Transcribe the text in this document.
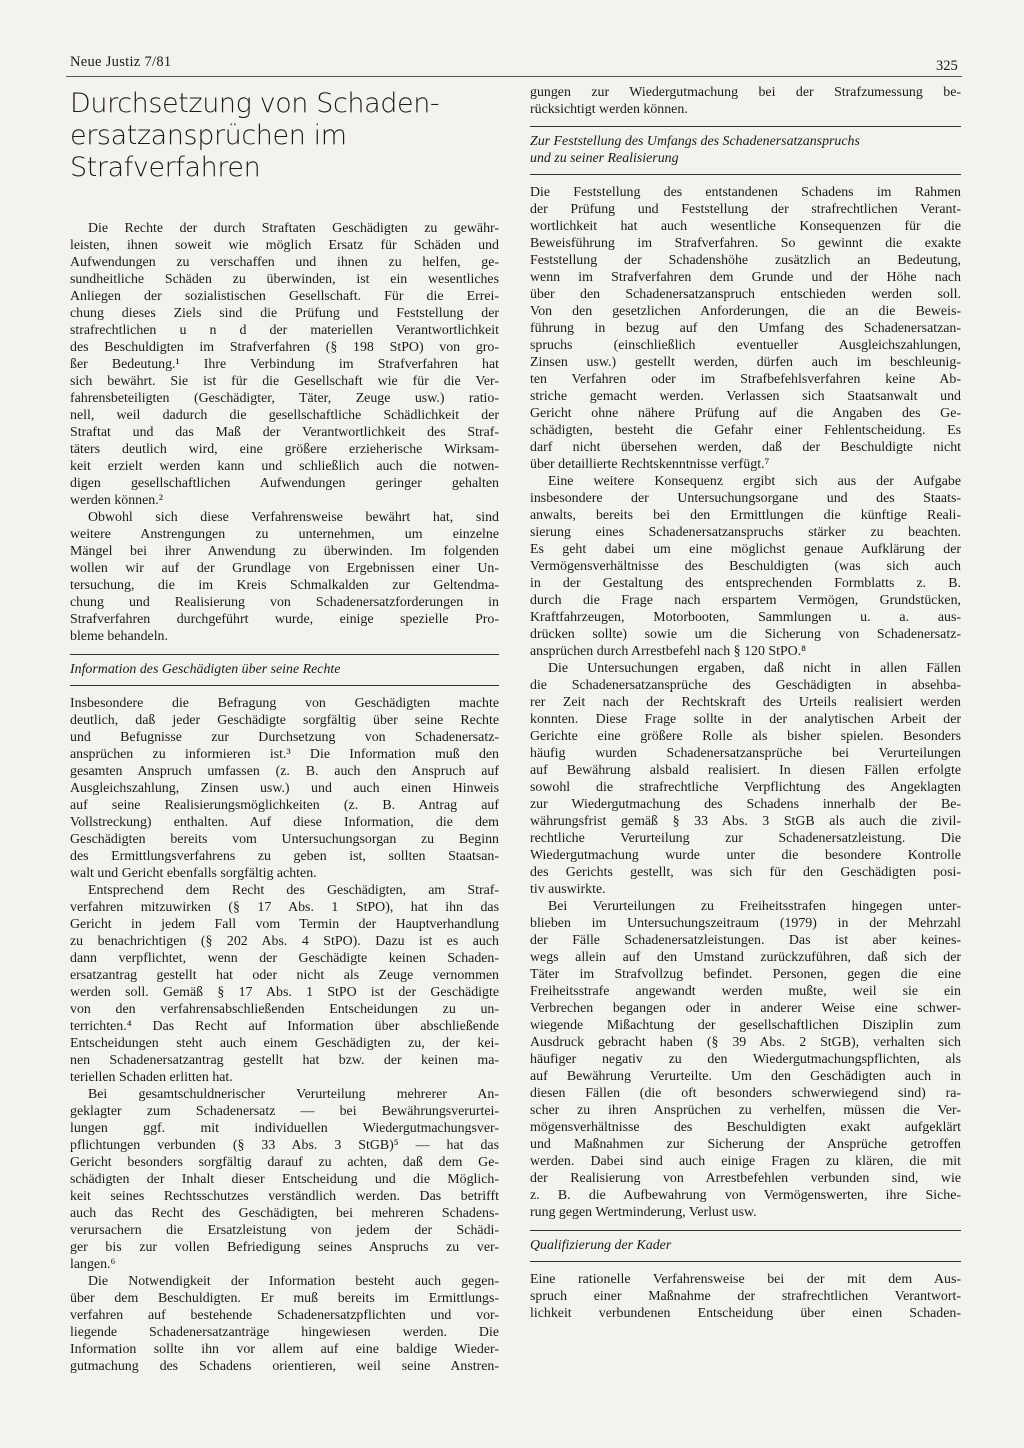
Neue Justiz 7/81	325
Durchsetzung von Schaden-
ersatzansprüchen im Strafverfahren
Die Rechte der durch Straftaten Geschädigten zu gewähr-
leisten, ihnen soweit wie möglich Ersatz für Schäden und
Aufwendungen zu verschaffen und ihnen zu helfen, ge-
sundheitliche Schäden zu überwinden, ist ein wesentliches
Anliegen der sozialistischen Gesellschaft. Für die Errei-
chung dieses Ziels sind die Prüfung und Feststellung der
strafrechtlichen u n d der materiellen Verantwortlichkeit
des Beschuldigten im Strafverfahren (§ 198 StPO) von gro-
ßer Bedeutung.¹ Ihre Verbindung im Strafverfahren hat
sich bewährt. Sie ist für die Gesellschaft wie für die Ver-
fahrensbeteiligten (Geschädigter, Täter, Zeuge usw.) ratio-
nell, weil dadurch die gesellschaftliche Schädlichkeit der
Straftat und das Maß der Verantwortlichkeit des Straf-
täters deutlich wird, eine größere erzieherische Wirksam-
keit erzielt werden kann und schließlich auch die notwen-
digen gesellschaftlichen Aufwendungen geringer gehalten
werden können.²
Obwohl sich diese Verfahrensweise bewährt hat, sind
weitere Anstrengungen zu unternehmen, um einzelne
Mängel bei ihrer Anwendung zu überwinden. Im folgenden
wollen wir auf der Grundlage von Ergebnissen einer Un-
tersuchung, die im Kreis Schmalkalden zur Geltendma-
chung und Realisierung von Schadenersatzforderungen in
Strafverfahren durchgeführt wurde, einige spezielle Pro-
bleme behandeln.
Information des Geschädigten über seine Rechte
Insbesondere die Befragung von Geschädigten machte
deutlich, daß jeder Geschädigte sorgfältig über seine Rechte
und Befugnisse zur Durchsetzung von Schadenersatz-
ansprüchen zu informieren ist.³ Die Information muß den
gesamten Anspruch umfassen (z. B. auch den Anspruch auf
Ausgleichszahlung, Zinsen usw.) und auch einen Hinweis
auf seine Realisierungsmöglichkeiten (z. B. Antrag auf
Vollstreckung) enthalten. Auf diese Information, die dem
Geschädigten bereits vom Untersuchungsorgan zu Beginn
des Ermittlungsverfahrens zu geben ist, sollten Staatsan-
walt und Gericht ebenfalls sorgfältig achten.
Entsprechend dem Recht des Geschädigten, am Straf-
verfahren mitzuwirken (§ 17 Abs. 1 StPO), hat ihn das
Gericht in jedem Fall vom Termin der Hauptverhandlung
zu benachrichtigen (§ 202 Abs. 4 StPO). Dazu ist es auch
dann verpflichtet, wenn der Geschädigte keinen Schaden-
ersatzantrag gestellt hat oder nicht als Zeuge vernommen
werden soll. Gemäß § 17 Abs. 1 StPO ist der Geschädigte
von den verfahrensabschließenden Entscheidungen zu un-
terrichten.⁴ Das Recht auf Information über abschließende
Entscheidungen steht auch einem Geschädigten zu, der kei-
nen Schadenersatzantrag gestellt hat bzw. der keinen ma-
teriellen Schaden erlitten hat.
Bei gesamtschuldnerischer Verurteilung mehrerer An-
geklagter zum Schadenersatz — bei Bewährungsverurtei-
lungen ggf. mit individuellen Wiedergutmachungsver-
pflichtungen verbunden (§ 33 Abs. 3 StGB)⁵ — hat das
Gericht besonders sorgfältig darauf zu achten, daß dem Ge-
schädigten der Inhalt dieser Entscheidung und die Möglich-
keit seines Rechtsschutzes verständlich werden. Das betrifft
auch das Recht des Geschädigten, bei mehreren Schadens-
verursachern die Ersatzleistung von jedem der Schädi-
ger bis zur vollen Befriedigung seines Anspruchs zu ver-
langen.⁶
Die Notwendigkeit der Information besteht auch gegen-
über dem Beschuldigten. Er muß bereits im Ermittlungs-
verfahren auf bestehende Schadenersatzpflichten und vor-
liegende Schadenersatzanträge hingewiesen werden. Die
Information sollte ihn vor allem auf eine baldige Wieder-
gutmachung des Schadens orientieren, weil seine Anstren-
gungen zur Wiedergutmachung bei der Strafzumessung be-
rücksichtigt werden können.
Zur Feststellung des Umfangs des Schadenersatzanspruchs
und zu seiner Realisierung
Die Feststellung des entstandenen Schadens im Rahmen
der Prüfung und Feststellung der strafrechtlichen Verant-
wortlichkeit hat auch wesentliche Konsequenzen für die
Beweisführung im Strafverfahren. So gewinnt die exakte
Feststellung der Schadenshöhe zusätzlich an Bedeutung,
wenn im Strafverfahren dem Grunde und der Höhe nach
über den Schadenersatzanspruch entschieden werden soll.
Von den gesetzlichen Anforderungen, die an die Beweis-
führung in bezug auf den Umfang des Schadenersatzan-
spruchs (einschließlich eventueller Ausgleichszahlungen,
Zinsen usw.) gestellt werden, dürfen auch im beschleunig-
ten Verfahren oder im Strafbefehlsverfahren keine Ab-
striche gemacht werden. Verlassen sich Staatsanwalt und
Gericht ohne nähere Prüfung auf die Angaben des Ge-
schädigten, besteht die Gefahr einer Fehlentscheidung. Es
darf nicht übersehen werden, daß der Beschuldigte nicht
über detaillierte Rechtskenntnisse verfügt.⁷
Eine weitere Konsequenz ergibt sich aus der Aufgabe
insbesondere der Untersuchungsorgane und des Staats-
anwalts, bereits bei den Ermittlungen die künftige Reali-
sierung eines Schadenersatzanspruchs stärker zu beachten.
Es geht dabei um eine möglichst genaue Aufklärung der
Vermögensverhältnisse des Beschuldigten (was sich auch
in der Gestaltung des entsprechenden Formblatts z. B.
durch die Frage nach erspartem Vermögen, Grundstücken,
Kraftfahrzeugen, Motorbooten, Sammlungen u. a. aus-
drücken sollte) sowie um die Sicherung von Schadenersatz-
ansprüchen durch Arrestbefehl nach § 120 StPO.⁸
Die Untersuchungen ergaben, daß nicht in allen Fällen
die Schadenersatzansprüche des Geschädigten in absehba-
rer Zeit nach der Rechtskraft des Urteils realisiert werden
konnten. Diese Frage sollte in der analytischen Arbeit der
Gerichte eine größere Rolle als bisher spielen. Besonders
häufig wurden Schadenersatzansprüche bei Verurteilungen
auf Bewährung alsbald realisiert. In diesen Fällen erfolgte
sowohl die strafrechtliche Verpflichtung des Angeklagten
zur Wiedergutmachung des Schadens innerhalb der Be-
währungsfrist gemäß § 33 Abs. 3 StGB als auch die zivil-
rechtliche Verurteilung zur Schadenersatzleistung. Die
Wiedergutmachung wurde unter die besondere Kontrolle
des Gerichts gestellt, was sich für den Geschädigten posi-
tiv auswirkte.
Bei Verurteilungen zu Freiheitsstrafen hingegen unter-
blieben im Untersuchungszeitraum (1979) in der Mehrzahl
der Fälle Schadenersatzleistungen. Das ist aber keines-
wegs allein auf den Umstand zurückzuführen, daß sich der
Täter im Strafvollzug befindet. Personen, gegen die eine
Freiheitsstrafe angewandt werden mußte, weil sie ein
Verbrechen begangen oder in anderer Weise eine schwer-
wiegende Mißachtung der gesellschaftlichen Disziplin zum
Ausdruck gebracht haben (§ 39 Abs. 2 StGB), verhalten sich
häufiger negativ zu den Wiedergutmachungspflichten, als
auf Bewährung Verurteilte. Um den Geschädigten auch in
diesen Fällen (die oft besonders schwerwiegend sind) ra-
scher zu ihren Ansprüchen zu verhelfen, müssen die Ver-
mögensverhältnisse des Beschuldigten exakt aufgeklärt
und Maßnahmen zur Sicherung der Ansprüche getroffen
werden. Dabei sind auch einige Fragen zu klären, die mit
der Realisierung von Arrestbefehlen verbunden sind, wie
z. B. die Aufbewahrung von Vermögenswerten, ihre Siche-
rung gegen Wertminderung, Verlust usw.
Qualifizierung der Kader
Eine rationelle Verfahrensweise bei der mit dem Aus-
spruch einer Maßnahme der strafrechtlichen Verantwort-
lichkeit verbundenen Entscheidung über einen Schaden-
